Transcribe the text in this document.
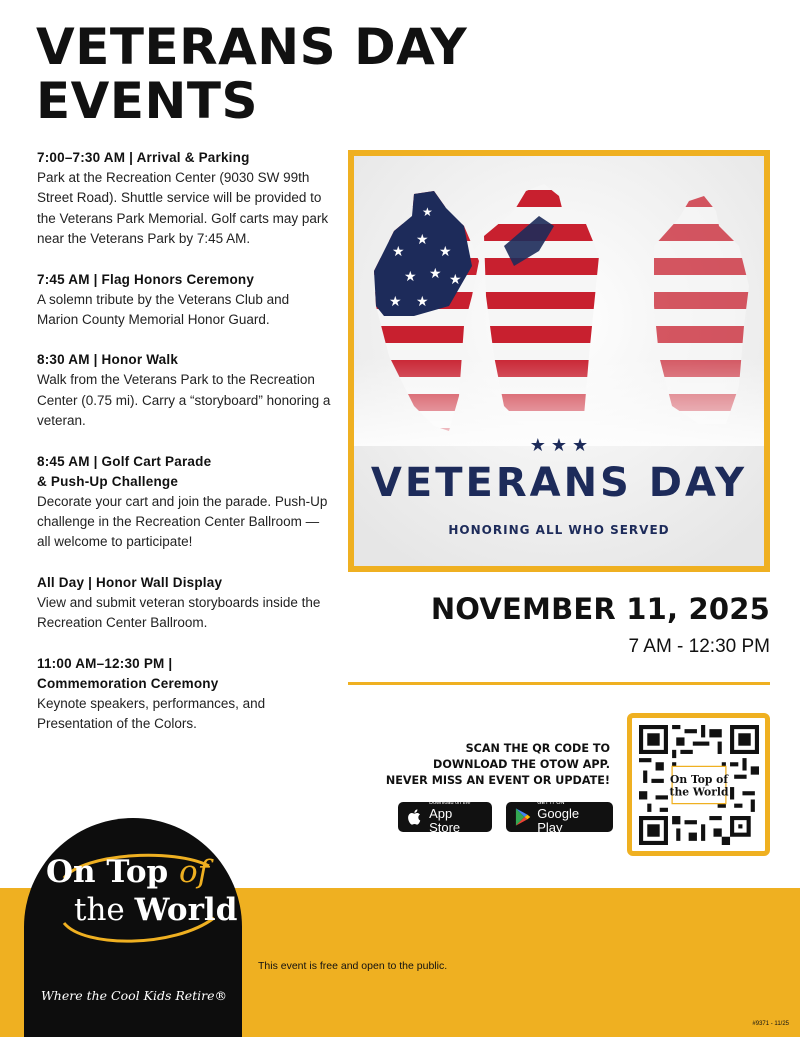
VETERANS DAY
EVENTS
7:00–7:30 AM | Arrival & Parking
Park at the Recreation Center (9030 SW 99th Street Road). Shuttle service will be provided to the Veterans Park Memorial. Golf carts may park near the Veterans Park by 7:45 AM.
7:45 AM | Flag Honors Ceremony
A solemn tribute by the Veterans Club and Marion County Memorial Honor Guard.
8:30 AM | Honor Walk
Walk from the Veterans Park to the Recreation Center (0.75 mi). Carry a “storyboard” honoring a veteran.
8:45 AM | Golf Cart Parade
& Push-Up Challenge
Decorate your cart and join the parade. Push-Up challenge in the Recreation Center Ballroom — all welcome to participate!
All Day | Honor Wall Display
View and submit veteran storyboards inside the Recreation Center Ballroom.
11:00 AM–12:30 PM |
Commemoration Ceremony
Keynote speakers, performances, and Presentation of the Colors.
★
★
★
★ ★ ★
★ ★
★
★ ★ ★
VETERANS DAY
HONORING ALL WHO SERVED
NOVEMBER 11, 2025
7 AM - 12:30 PM
SCAN THE QR CODE TO
DOWNLOAD THE OTOW APP.
NEVER MISS AN EVENT OR UPDATE!
Download on the
App Store
GET IT ON
Google Play
On Top of
the World
This event is free and open to the public.
#9371 - 11/25
On Top of
the World
Where the Cool Kids Retire®
